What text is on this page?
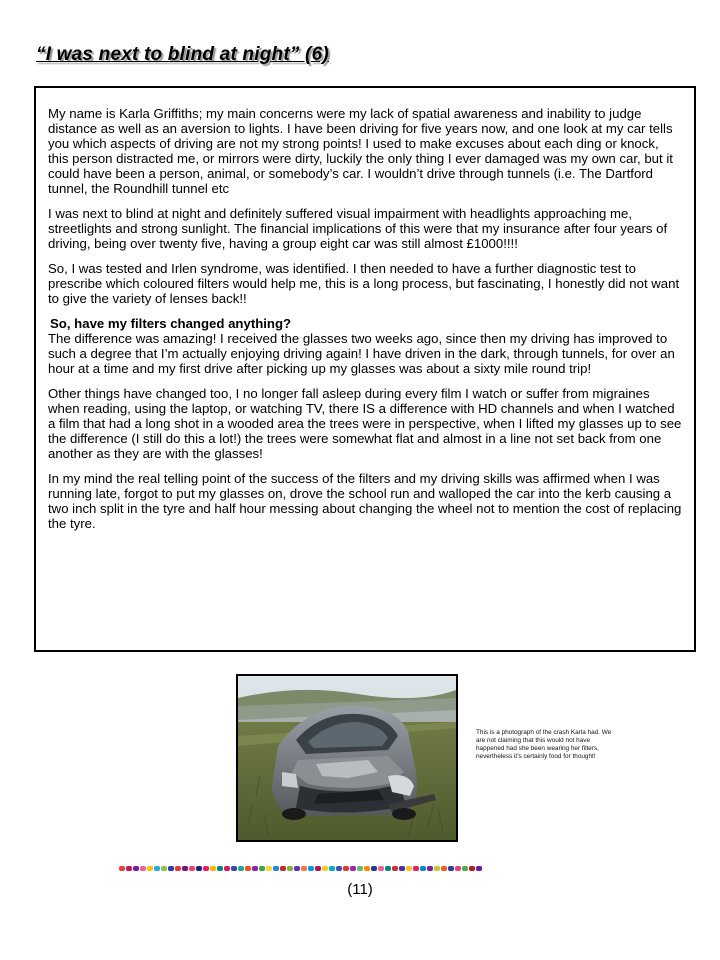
“I was next to blind at night” (6)

My name is Karla Griffiths; my main concerns were my lack of spatial awareness and inability to judge distance as well as an aversion to lights. I have been driving for five years now, and one look at my car tells you which aspects of driving are not my strong points! I used to make excuses about each ding or knock, this person distracted me, or mirrors were dirty, luckily the only thing I ever damaged was my own car, but it could have been a person, animal, or somebody’s car. I wouldn’t drive through tunnels (i.e. The Dartford tunnel, the Roundhill tunnel etc

I was next to blind at night and definitely suffered visual impairment with headlights approaching me, streetlights and strong sunlight. The financial implications of this were that my insurance after four years of driving, being over twenty five, having a group eight car was still almost £1000!!!!

So, I was tested and Irlen syndrome, was identified. I then needed to have a further diagnostic test to prescribe which coloured filters would help me, this is a long process, but fascinating, I honestly did not want to give the variety of lenses back!!

So, have my filters changed anything?

The difference was amazing! I received the glasses two weeks ago, since then my driving has improved to such a degree that I’m actually enjoying driving again! I have driven in the dark, through tunnels, for over an hour at a time and my first drive after picking up my glasses was about a sixty mile round trip!

Other things have changed too, I no longer fall asleep during every film I watch or suffer from migraines when reading, using the laptop, or watching TV, there IS a difference with HD channels and when I watched a film that had a long shot in a wooded area the trees were in perspective, when I lifted my glasses up to see the difference (I still do this a lot!) the trees were somewhat flat and almost in a line not set back from one another as they are with the glasses!

In my mind the real telling point of the success of the filters and my driving skills was affirmed when I was running late, forgot to put my glasses on, drove the school run and walloped the car into the kerb causing a two inch split in the tyre and half hour messing about changing the wheel not to mention the cost of replacing the tyre.

This is a photograph of the crash Karla had. We are not claiming that this would not have happened had she been wearing her filters, nevertheless it’s certainly food for thought!
(11)
